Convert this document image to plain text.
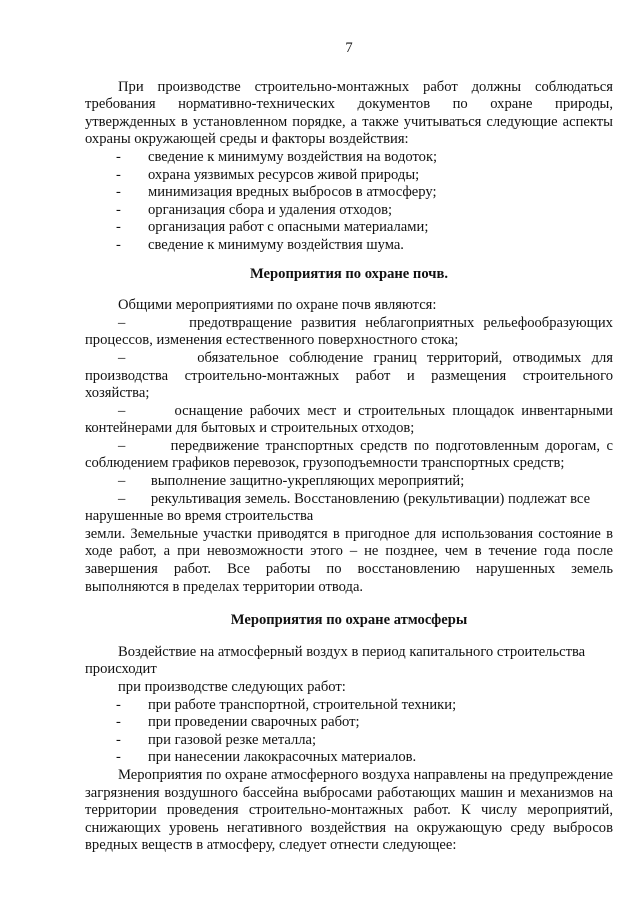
7

При производстве строительно-монтажных работ должны соблюдаться требования нормативно-технических документов по охране природы, утвержденных в установленном порядке, а также учитываться следующие аспекты охраны окружающей среды и факторы воздействия:

-	сведение к минимуму воздействия на водоток;
-	охрана уязвимых ресурсов живой природы;
-	минимизация вредных выбросов в атмосферу;
-	организация сбора и удаления отходов;
-	организация работ с опасными материалами;
-	сведение к минимуму воздействия шума.
Мероприятия по охране почв.

Общими мероприятиями по охране почв являются:

–	предотвращение развития неблагоприятных рельефообразующих процессов, изменения естественного поверхностного стока;

–	обязательное соблюдение границ территорий, отводимых для производства строительно-монтажных работ и размещения строительного хозяйства;

–	оснащение рабочих мест и строительных площадок инвентарными контейнерами для бытовых и строительных отходов;

–	передвижение транспортных средств по подготовленным дорогам, с соблюдением графиков перевозок, грузоподъемности транспортных средств;

– выполнение защитно-укрепляющих мероприятий;

– рекультивация земель. Восстановлению (рекультивации) подлежат все нарушенные во время строительства

земли. Земельные участки приводятся в пригодное для использования состояние в ходе работ, а при невозможности этого – не позднее, чем в течение года после завершения работ. Все работы по восстановлению нарушенных земель выполняются в пределах территории отвода.

Мероприятия по охране атмосферы

Воздействие на атмосферный воздух в период капитального строительства происходит

при производстве следующих работ:

-	при работе транспортной, строительной техники;
-	при проведении сварочных работ;
-	при газовой резке металла;
-	при нанесении лакокрасочных материалов.

Мероприятия по охране атмосферного воздуха направлены на предупреждение загрязнения воздушного бассейна выбросами работающих машин и механизмов на территории проведения строительно-монтажных работ. К числу мероприятий, снижающих уровень негативного воздействия на окружающую среду выбросов вредных веществ в атмосферу, следует отнести следующее:
